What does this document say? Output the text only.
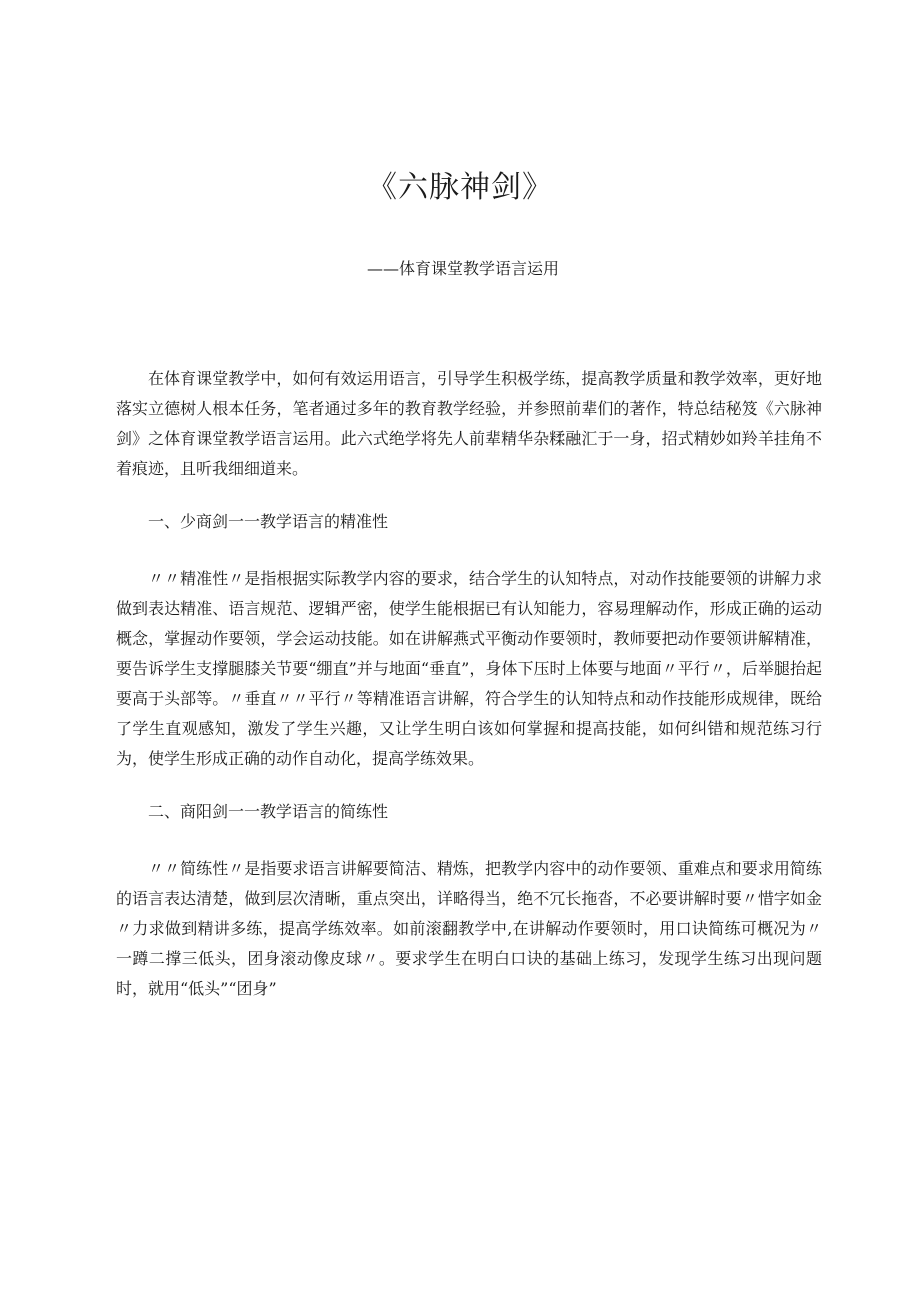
《六脉神剑》

——体育课堂教学语言运用

在体育课堂教学中，如何有效运用语言，引导学生积极学练，提高教学质量和教学效率，更好地落实立德树人根本任务，笔者通过多年的教育教学经验，并参照前辈们的著作，特总结秘笈《六脉神剑》之体育课堂教学语言运用。此六式绝学将先人前辈精华杂糅融汇于一身，招式精妙如羚羊挂角不着痕迹，且听我细细道来。

一、少商剑一一教学语言的精准性

〃〃精准性〃是指根据实际教学内容的要求，结合学生的认知特点，对动作技能要领的讲解力求做到表达精准、语言规范、逻辑严密，使学生能根据已有认知能力，容易理解动作，形成正确的运动概念，掌握动作要领，学会运动技能。如在讲解燕式平衡动作要领时，教师要把动作要领讲解精准，要告诉学生支撑腿膝关节要“绷直”并与地面“垂直”，身体下压时上体要与地面〃平行〃，后举腿抬起要高于头部等。〃垂直〃〃平行〃等精准语言讲解，符合学生的认知特点和动作技能形成规律，既给了学生直观感知，激发了学生兴趣，又让学生明白该如何掌握和提高技能，如何纠错和规范练习行为，使学生形成正确的动作自动化，提高学练效果。

二、商阳剑一一教学语言的简练性

〃〃简练性〃是指要求语言讲解要简洁、精炼，把教学内容中的动作要领、重难点和要求用简练的语言表达清楚，做到层次清晰，重点突出，详略得当，绝不冗长拖沓，不必要讲解时要〃惜字如金〃力求做到精讲多练，提高学练效率。如前滚翻教学中,在讲解动作要领时，用口诀简练可概况为〃一蹲二撑三低头，团身滚动像皮球〃。要求学生在明白口诀的基础上练习，发现学生练习出现问题时，就用“低头”“团身”
